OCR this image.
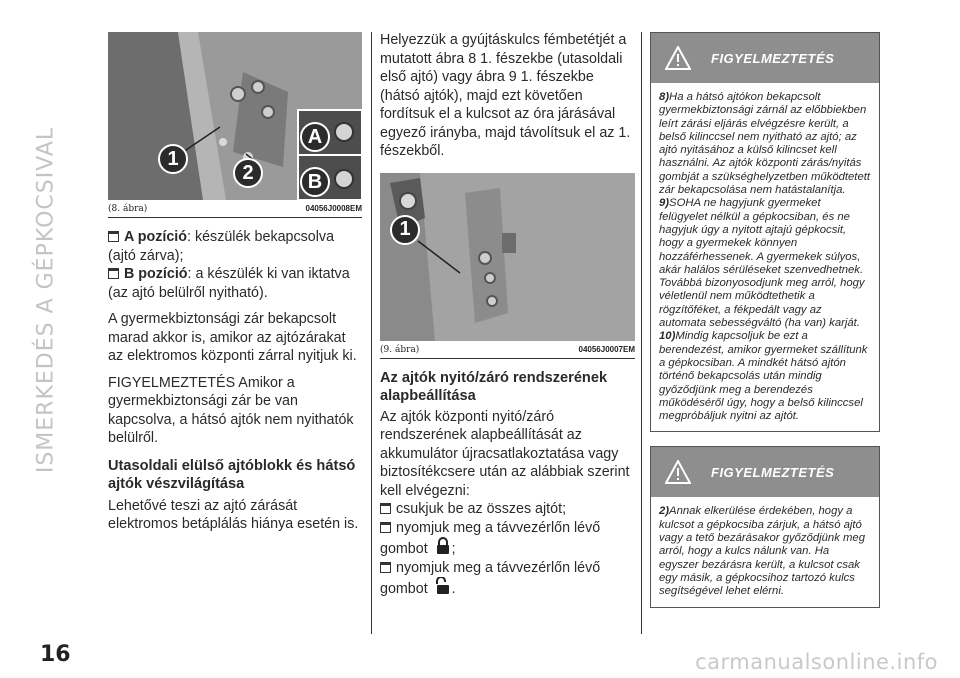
ISMERKEDÉS A GÉPKOCSIVAL	1
2
A
B
(8. ábra)	04056J0008EM
A pozíció: készülék bekapcsolva
(ajtó zárva);
B pozíció: a készülék ki van iktatva
(az ajtó belülről nyitható).
A gyermekbiztonsági zár bekapcsolt marad akkor is, amikor az ajtózárakat az elektromos központi zárral nyitjuk ki.
FIGYELMEZTETÉS Amikor a gyermekbiztonsági zár be van kapcsolva, a hátsó ajtók nem nyithatók belülről.
Utasoldali elülső ajtóblokk és hátsó ajtók vészvilágítása
Lehetővé teszi az ajtó zárását elektromos betáplálás hiánya esetén is.
Helyezzük a gyújtáskulcs fémbetétjét a mutatott ábra 8 1. fészekbe (utasoldali első ajtó) vagy ábra 9 1. fészekbe (hátsó ajtók), majd ezt követően fordítsuk el a kulcsot az óra járásával egyező irányba, majd távolítsuk el az 1. fészekből.
1
(9. ábra)	04056J0007EM
Az ajtók nyitó/záró rendszerének alapbeállítása
Az ajtók központi nyitó/záró rendszerének alapbeállítását az akkumulátor újracsatlakoztatása vagy biztosítékcsere után az alábbiak szerint kell elvégezni:
csukjuk be az összes ajtót;
nyomjuk meg a távvezérlőn lévő
gombot ;
nyomjuk meg a távvezérlőn lévő
gombot .
FIGYELMEZTETÉS
8)Ha a hátsó ajtókon bekapcsolt gyermekbiztonsági zárnál az előbbiekben leírt zárási eljárás elvégzésre került, a belső kilinccsel nem nyitható az ajtó; az ajtó nyitásához a külső kilincset kell használni. Az ajtók központi zárás/nyitás gombját a szükséghelyzetben működtetett zár bekapcsolása nem hatástalanítja.
9)SOHA ne hagyjunk gyermeket felügyelet nélkül a gépkocsiban, és ne hagyjuk úgy a nyitott ajtajú gépkocsit, hogy a gyermekek könnyen hozzáférhessenek. A gyermekek súlyos, akár halálos sérüléseket szenvedhetnek. Továbbá bizonyosodjunk meg arról, hogy véletlenül nem működtethetik a rögzítőféket, a fékpedált vagy az automata sebességváltó (ha van) karját.
10)Mindig kapcsoljuk be ezt a berendezést, amikor gyermeket szállítunk a gépkocsiban. A mindkét hátsó ajtón történő bekapcsolás után mindig győződjünk meg a berendezés működéséről úgy, hogy a belső kilinccsel megpróbáljuk nyitni az ajtót.
FIGYELMEZTETÉS
2)Annak elkerülése érdekében, hogy a kulcsot a gépkocsiba zárjuk, a hátsó ajtó vagy a tető bezárásakor győződjünk meg arról, hogy a kulcs nálunk van. Ha egyszer bezárásra került, a kulcsot csak egy másik, a gépkocsihoz tartozó kulcs segítségével lehet elérni.
16	carmanualsonline.info
